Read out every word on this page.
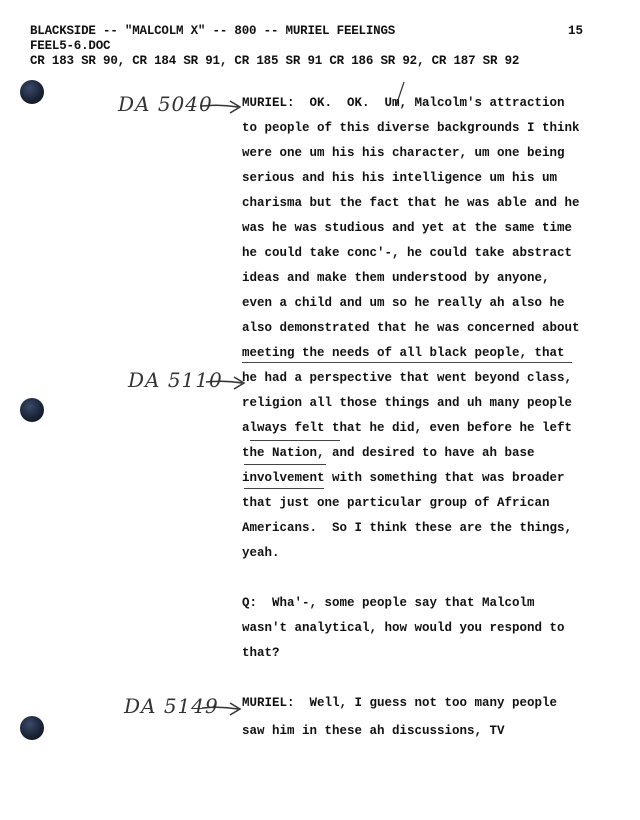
BLACKSIDE -- "MALCOLM X" -- 800 -- MURIEL FEELINGS
FEEL5-6.DOC
CR 183 SR 90, CR 184 SR 91, CR 185 SR 91 CR 186 SR 92, CR 187 SR 92
15
DA 5040
DA 5110
DA 5149
MURIEL:  OK.  OK.  Um, Malcolm's attraction
to people of this diverse backgrounds I think
were one um his his character, um one being
serious and his his intelligence um his um
charisma but the fact that he was able and he
was he was studious and yet at the same time
he could take conc'-, he could take abstract
ideas and make them understood by anyone,
even a child and um so he really ah also he
also demonstrated that he was concerned about
meeting the needs of all black people, that
he had a perspective that went beyond class,
religion all those things and uh many people
always felt that he did, even before he left
the Nation, and desired to have ah base
involvement with something that was broader
that just one particular group of African
Americans.  So I think these are the things,
yeah.
Q:  Wha'-, some people say that Malcolm
wasn't analytical, how would you respond to
that?
MURIEL:  Well, I guess not too many people
saw him in these ah discussions, TV
